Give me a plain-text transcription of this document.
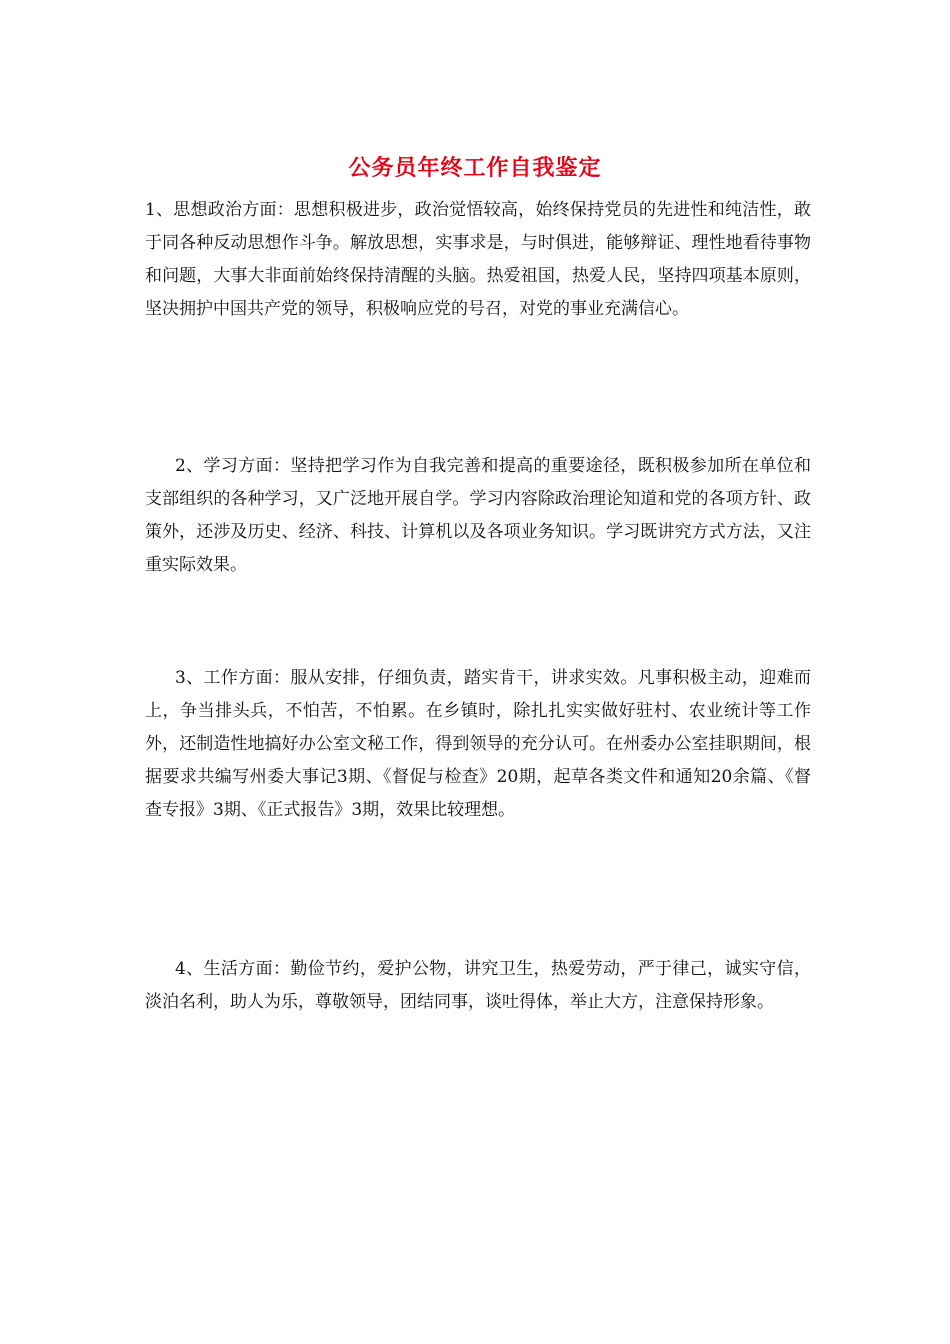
公务员年终工作自我鉴定

1、思想政治方面：思想积极进步，政治觉悟较高，始终保持党员的先进性和纯洁性，敢于同各种反动思想作斗争。解放思想，实事求是，与时俱进，能够辩证、理性地看待事物和问题，大事大非面前始终保持清醒的头脑。热爱祖国，热爱人民，坚持四项基本原则，坚决拥护中国共产党的领导，积极响应党的号召，对党的事业充满信心。

2、学习方面：坚持把学习作为自我完善和提高的重要途径，既积极参加所在单位和支部组织的各种学习，又广泛地开展自学。学习内容除政治理论知道和党的各项方针、政策外，还涉及历史、经济、科技、计算机以及各项业务知识。学习既讲究方式方法，又注重实际效果。

3、工作方面：服从安排，仔细负责，踏实肯干，讲求实效。凡事积极主动，迎难而上，争当排头兵，不怕苦，不怕累。在乡镇时，除扎扎实实做好驻村、农业统计等工作外，还制造性地搞好办公室文秘工作，得到领导的充分认可。在州委办公室挂职期间，根据要求共编写州委大事记3期、《督促与检查》20期，起草各类文件和通知20余篇、《督查专报》3期、《正式报告》3期，效果比较理想。

4、生活方面：勤俭节约，爱护公物，讲究卫生，热爱劳动，严于律己，诚实守信，淡泊名利，助人为乐，尊敬领导，团结同事，谈吐得体，举止大方，注意保持形象。
